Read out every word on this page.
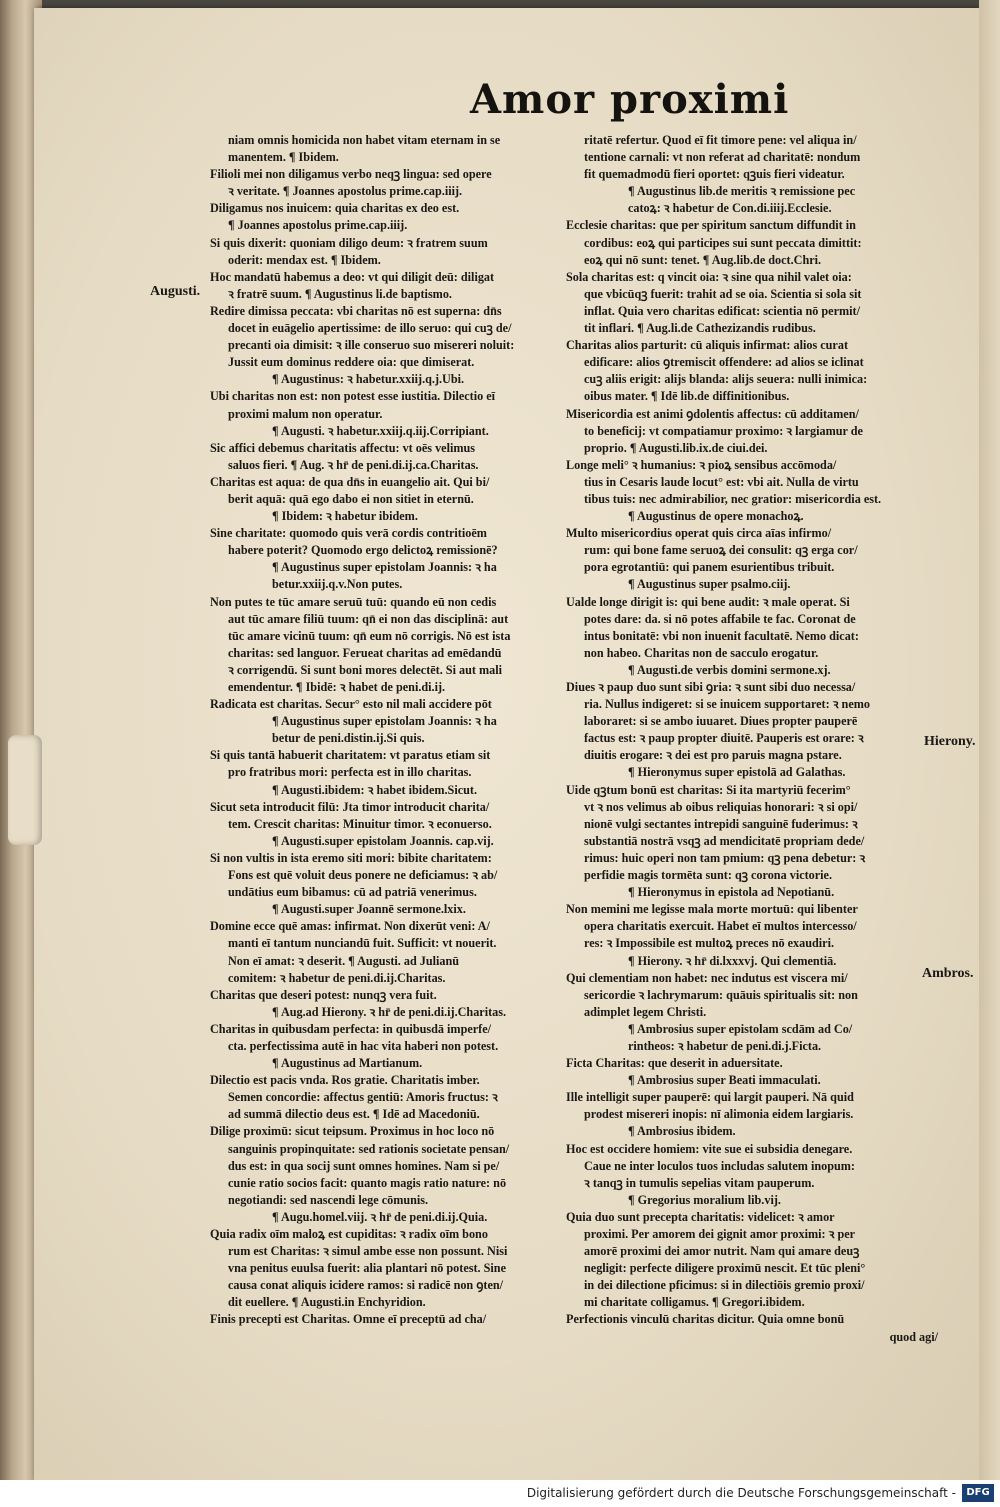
Amor proximi
Augusti.
Hierony.
Ambros.
niam omnis homicida non habet vitam eternam in se
manentem. ¶ Ibidem.
Filioli mei non diligamus verbo neqꝫ lingua: sed opere
ꝛ veritate. ¶ Joannes apostolus prime.cap.iiij.
Diligamus nos inuicem: quia charitas ex deo est.
¶ Joannes apostolus prime.cap.iiij.
Si quis dixerit: quoniam diligo deum: ꝛ fratrem suum
oderit: mendax est. ¶ Ibidem.
Hoc mandatū habemus a deo: vt qui diligit deū: diligat
ꝛ fratrē suum. ¶ Augustinus li.de baptismo.
Redire dimissa peccata: vbi charitas nō est superna: dn̄s
docet in euāgelio apertissime: de illo seruo: qui cuꝫ de/
precanti oia dimisit: ꝛ ille conseruo suo misereri noluit:
Jussit eum dominus reddere oia: que dimiserat.
¶ Augustinus: ꝛ habetur.xxiij.q.j.Ubi.
Ubi charitas non est: non potest esse iustitia. Dilectio eī
proximi malum non operatur.
¶ Augusti. ꝛ habetur.xxiij.q.iij.Corripiant.
Sic affici debemus charitatis affectu: vt oēs velimus
saluos fieri. ¶ Aug. ꝛ hr̄ de peni.di.ij.ca.Charitas.
Charitas est aqua: de qua dn̄s in euangelio ait. Qui bi/
berit aquā: quā ego dabo ei non sitiet in eternū.
¶ Ibidem: ꝛ habetur ibidem.
Sine charitate: quomodo quis verā cordis contritioēm
habere poterit? Quomodo ergo delictoꝝ remissionē?
¶ Augustinus super epistolam Joannis: ꝛ ha
betur.xxiij.q.v.Non putes.
Non putes te tūc amare seruū tuū: quando eū non cedis
aut tūc amare filiū tuum: qn̄ ei non das disciplinā: aut
tūc amare vicinū tuum: qn̄ eum nō corrigis. Nō est ista
charitas: sed languor. Ferueat charitas ad emēdandū
ꝛ corrigendū. Si sunt boni mores delectēt. Si aut mali
emendentur. ¶ Ibidē: ꝛ habet de peni.di.ij.
Radicata est charitas. Secur° esto nil mali accidere pōt
¶ Augustinus super epistolam Joannis: ꝛ ha
betur de peni.distin.ij.Si quis.
Si quis tantā habuerit charitatem: vt paratus etiam sit
pro fratribus mori: perfecta est in illo charitas.
¶ Augusti.ibidem: ꝛ habet ibidem.Sicut.
Sicut seta introducit filū: Jta timor introducit charita/
tem. Crescit charitas: Minuitur timor. ꝛ econuerso.
¶ Augusti.super epistolam Joannis. cap.vij.
Si non vultis in ista eremo siti mori: bibite charitatem:
Fons est quē voluit deus ponere ne deficiamus: ꝛ ab/
undātius eum bibamus: cū ad patriā venerimus.
¶ Augusti.super Joannē sermone.lxix.
Domine ecce quē amas: infirmat. Non dixerūt veni: A/
manti eī tantum nunciandū fuit. Sufficit: vt nouerit.
Non eī amat: ꝛ deserit. ¶ Augusti. ad Julianū
comitem: ꝛ habetur de peni.di.ij.Charitas.
Charitas que deseri potest: nunqꝫ vera fuit.
¶ Aug.ad Hierony. ꝛ hr̄ de peni.di.ij.Charitas.
Charitas in quibusdam perfecta: in quibusdā imperfe/
cta. perfectissima autē in hac vita haberi non potest.
¶ Augustinus ad Martianum.
Dilectio est pacis vnda. Ros gratie. Charitatis imber.
Semen concordie: affectus gentiū: Amoris fructus: ꝛ
ad summā dilectio deus est. ¶ Idē ad Macedoniū.
Dilige proximū: sicut teipsum. Proximus in hoc loco nō
sanguinis propinquitate: sed rationis societate pensan/
dus est: in qua socij sunt omnes homines. Nam si pe/
cunie ratio socios facit: quanto magis ratio nature: nō
negotiandi: sed nascendi lege cōmunis.
¶ Augu.homel.viij. ꝛ hr̄ de peni.di.ij.Quia.
Quia radix oīm maloꝝ est cupiditas: ꝛ radix oīm bono
rum est Charitas: ꝛ simul ambe esse non possunt. Nisi
vna penitus euulsa fuerit: alia plantari nō potest. Sine
causa conat aliquis icidere ramos: si radicē non ꝯten/
dit euellere. ¶ Augusti.in Enchyridion.
Finis precepti est Charitas. Omne eī preceptū ad cha/
ritatē refertur. Quod eī fit timore pene: vel aliqua in/
tentione carnali: vt non referat ad charitatē: nondum
fit quemadmodū fieri oportet: qꝫuis fieri videatur.
¶ Augustinus lib.de meritis ꝛ remissione pec
catoꝝ: ꝛ habetur de Con.di.iiij.Ecclesie.
Ecclesie charitas: que per spiritum sanctum diffundit in
cordibus: eoꝝ qui participes sui sunt peccata dimittit:
eoꝝ qui nō sunt: tenet. ¶ Aug.lib.de doct.Chri.
Sola charitas est: q vincit oia: ꝛ sine qua nihil valet oia:
que vbicūqꝫ fuerit: trahit ad se oia. Scientia si sola sit
inflat. Quia vero charitas edificat: scientia nō permit/
tit inflari. ¶ Aug.li.de Cathezizandis rudibus.
Charitas alios parturit: cū aliquis infirmat: alios curat
edificare: alios ꝯtremiscit offendere: ad alios se iclinat
cuꝫ aliis erigit: alijs blanda: alijs seuera: nulli inimica:
oibus mater. ¶ Idē lib.de diffinitionibus.
Misericordia est animi ꝯdolentis affectus: cū additamen/
to beneficij: vt compatiamur proximo: ꝛ largiamur de
proprio. ¶ Augusti.lib.ix.de ciui.dei.
Longe meli° ꝛ humanius: ꝛ pioꝝ sensibus accōmoda/
tius in Cesaris laude locut° est: vbi ait. Nulla de virtu
tibus tuis: nec admirabilior, nec gratior: misericordia est.
¶ Augustinus de opere monachoꝝ.
Multo misericordius operat quis circa aīas infirmo/
rum: qui bone fame seruoꝝ dei consulit: qꝫ erga cor/
pora egrotantiū: qui panem esurientibus tribuit.
¶ Augustinus super psalmo.ciij.
Ualde longe dirigit is: qui bene audit: ꝛ male operat. Si
potes dare: da. si nō potes affabile te fac. Coronat de
intus bonitatē: vbi non inuenit facultatē. Nemo dicat:
non habeo. Charitas non de sacculo erogatur.
¶ Augusti.de verbis domini sermone.xj.
Diues ꝛ paup duo sunt sibi ꝯria: ꝛ sunt sibi duo necessa/
ria. Nullus indigeret: si se inuicem supportaret: ꝛ nemo
laboraret: si se ambo iuuaret. Diues propter pauperē
factus est: ꝛ paup propter diuitē. Pauperis est orare: ꝛ
diuitis erogare: ꝛ dei est pro paruis magna pstare.
¶ Hieronymus super epistolā ad Galathas.
Uide qꝫtum bonū est charitas: Si ita martyriū fecerim°
vt ꝛ nos velimus ab oibus reliquias honorari: ꝛ si opi/
nionē vulgi sectantes intrepidi sanguinē fuderimus: ꝛ
substantiā nostrā vsqꝫ ad mendicitatē propriam dede/
rimus: huic operi non tam pmium: qꝫ pena debetur: ꝛ
perfidie magis tormēta sunt: qꝫ corona victorie.
¶ Hieronymus in epistola ad Nepotianū.
Non memini me legisse mala morte mortuū: qui libenter
opera charitatis exercuit. Habet eī multos intercesso/
res: ꝛ Impossibile est multoꝝ preces nō exaudiri.
¶ Hierony. ꝛ hr̄ di.lxxxvj. Qui clementiā.
Qui clementiam non habet: nec indutus est viscera mi/
sericordie ꝛ lachrymarum: quāuis spiritualis sit: non
adimplet legem Christi.
¶ Ambrosius super epistolam scdām ad Co/
rintheos: ꝛ habetur de peni.di.j.Ficta.
Ficta Charitas: que deserit in aduersitate.
¶ Ambrosius super Beati immaculati.
Ille intelligit super pauperē: qui largit pauperi. Nā quid
prodest misereri inopis: nī alimonia eidem largiaris.
¶ Ambrosius ibidem.
Hoc est occidere homiem: vite sue ei subsidia denegare.
Caue ne inter loculos tuos includas salutem inopum:
ꝛ tanqꝫ in tumulis sepelias vitam pauperum.
¶ Gregorius moralium lib.vij.
Quia duo sunt precepta charitatis: videlicet: ꝛ amor
proximi. Per amorem dei gignit amor proximi: ꝛ per
amorē proximi dei amor nutrit. Nam qui amare deuꝫ
negligit: perfecte diligere proximū nescit. Et tūc pleni°
in dei dilectione pficimus: si in dilectiōis gremio proxi/
mi charitate colligamus. ¶ Gregori.ibidem.
Perfectionis vinculū charitas dicitur. Quia omne bonū
quod agi/
Digitalisierung gefördert durch die Deutsche Forschungsgemeinschaft -	DFG
